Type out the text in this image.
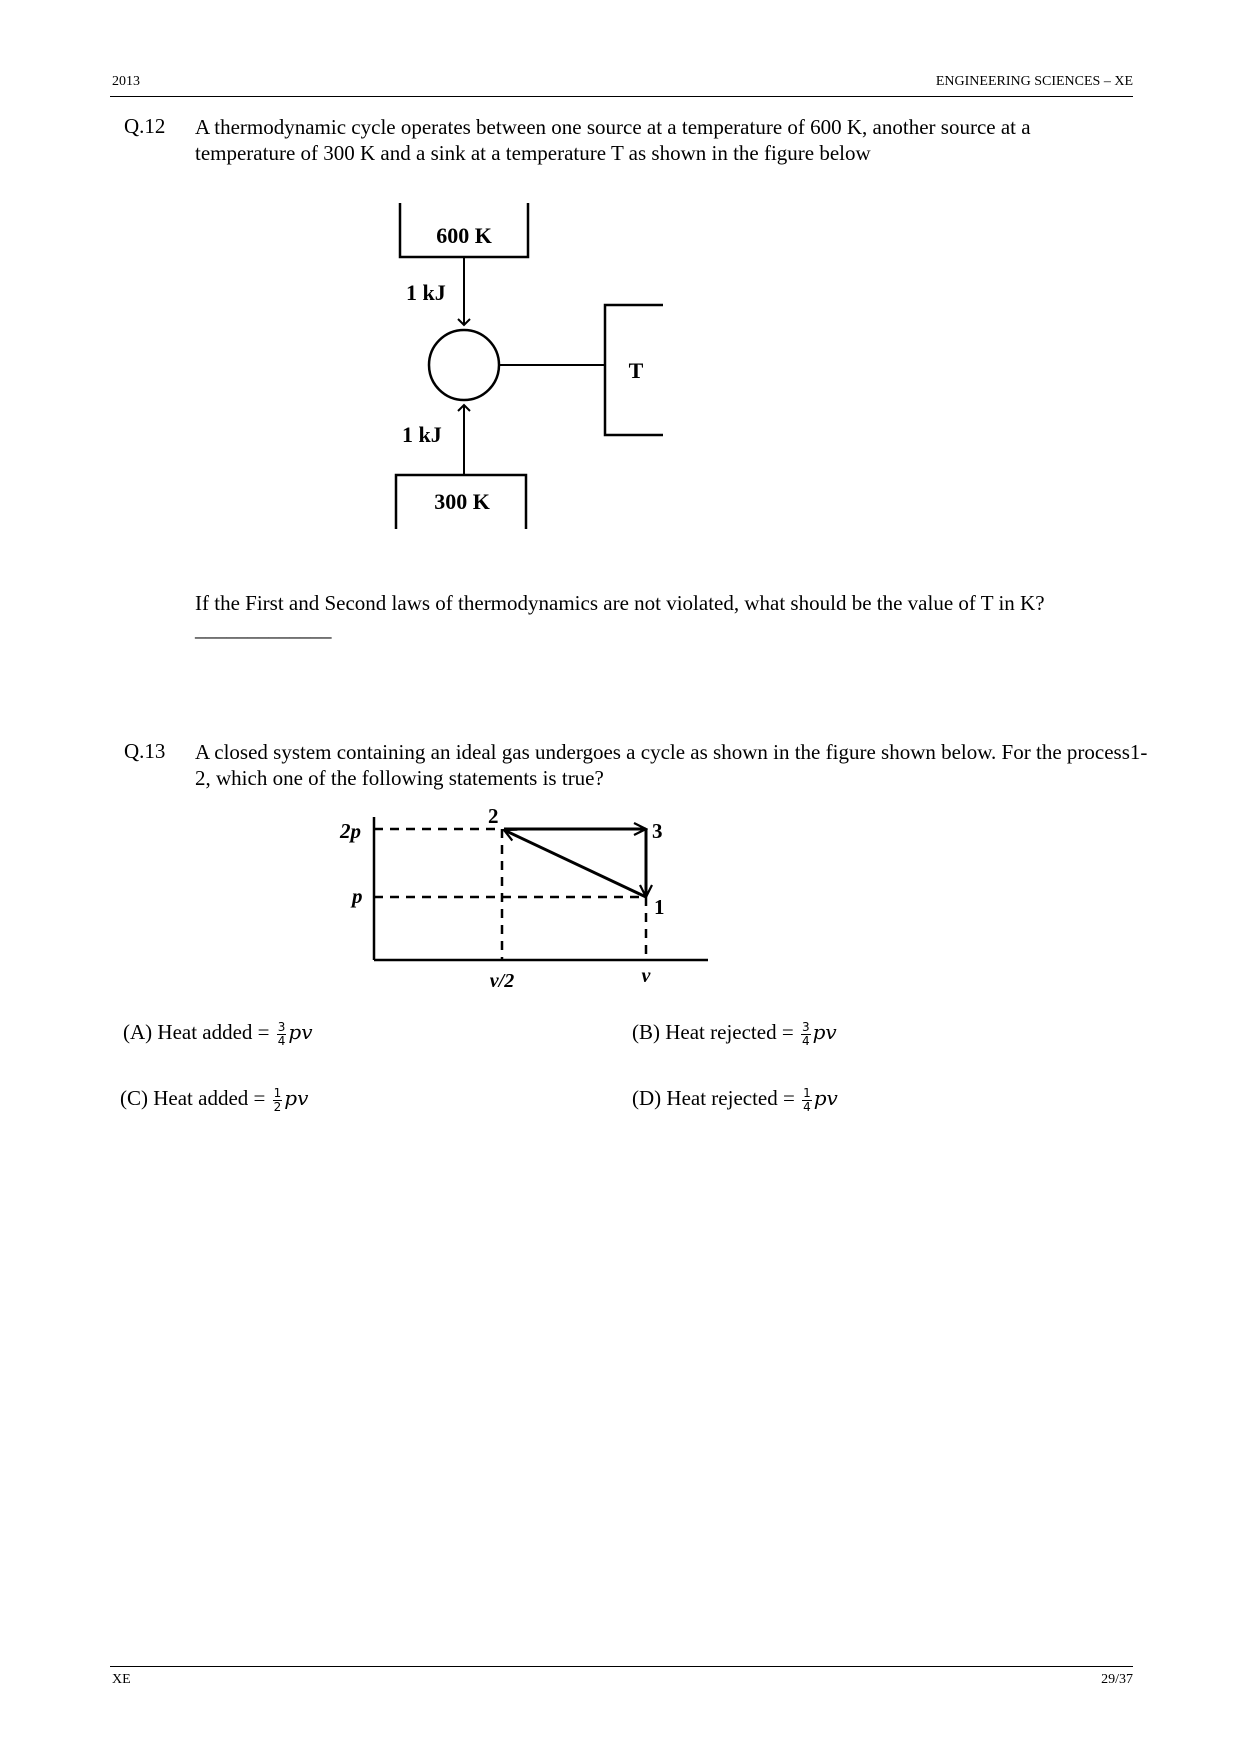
2013	ENGINEERING SCIENCES – XE
Q.12 A thermodynamic cycle operates between one source at a temperature of 600 K, another source at a temperature of 300 K and a sink at a temperature T as shown in the figure below
600 K
1 kJ
T
1 kJ
300 K
If the First and Second laws of thermodynamics are not violated, what should be the value of T in K? _____________
Q.13 A closed system containing an ideal gas undergoes a cycle as shown in the figure shown below. For the process1-2, which one of the following statements is true?
2p
p
2
3
1
v/2	v
(A) Heat added = $\frac{3}{4}$ pv	(B) Heat rejected = $\frac{3}{4}$ pv
(C) Heat added = $\frac{1}{2}$ pv	(D) Heat rejected = $\frac{1}{4}$ pv
XE	29/37
